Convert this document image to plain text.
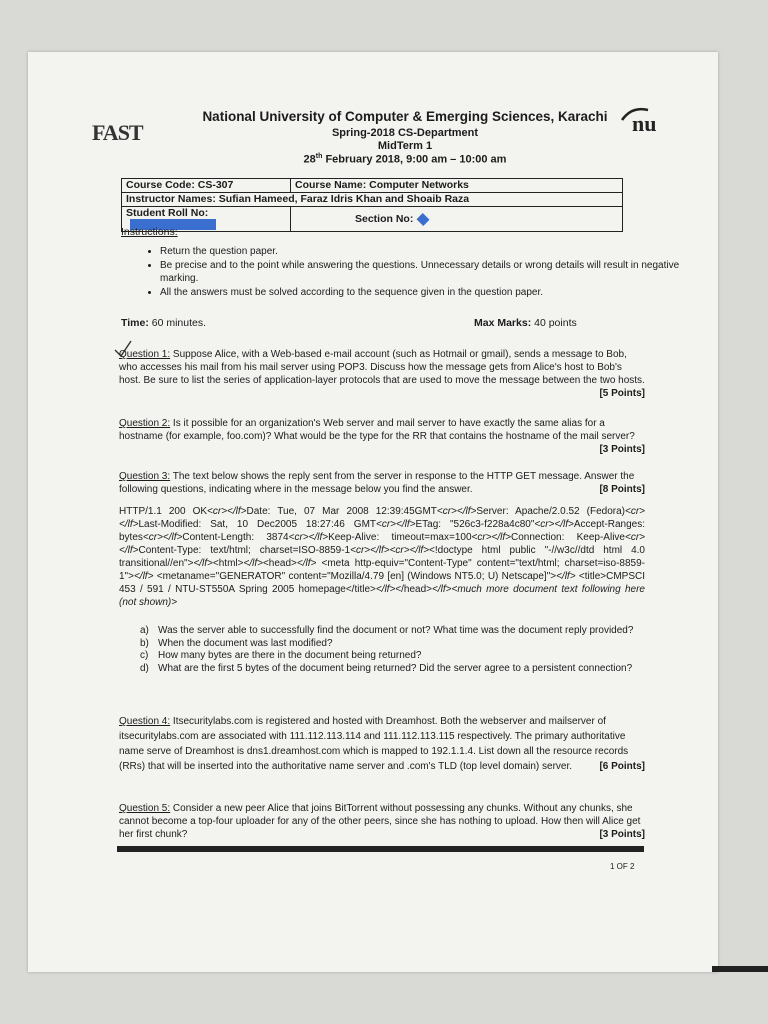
FAST	nu
National University of Computer & Emerging Sciences, Karachi
Spring-2018 CS-Department
MidTerm 1
28th February 2018, 9:00 am – 10:00 am
Course Code: CS-307	Course Name: Computer Networks
Instructor Names: Sufian Hameed, Faraz Idris Khan and Shoaib Raza	
Student Roll No:	Section No:
Instructions:
• Return the question paper.
• Be precise and to the point while answering the questions. Unnecessary details or wrong details will result in negative marking.
• All the answers must be solved according to the sequence given in the question paper.
Time: 60 minutes.	Max Marks: 40 points

Question 1: Suppose Alice, with a Web-based e-mail account (such as Hotmail or gmail), sends a message to Bob, who accesses his mail from his mail server using POP3. Discuss how the message gets from Alice's host to Bob's host. Be sure to list the series of application-layer protocols that are used to move the message between the two hosts.
[5 Points]

Question 2: Is it possible for an organization's Web server and mail server to have exactly the same alias for a hostname (for example, foo.com)? What would be the type for the RR that contains the hostname of the mail server?
[3 Points]

Question 3: The text below shows the reply sent from the server in response to the HTTP GET message. Answer the following questions, indicating where in the message below you find the answer.	[8 Points]

HTTP/1.1 200 OK<cr></lf>Date: Tue, 07 Mar 2008 12:39:45GMT<cr></lf>Server: Apache/2.0.52 (Fedora)<cr></lf>Last-Modified: Sat, 10 Dec2005 18:27:46 GMT<cr></lf>ETag: "526c3-f228a4c80"<cr></lf>Accept-Ranges: bytes<cr></lf>Content-Length: 3874<cr></lf>Keep-Alive: timeout=max=100<cr></lf>Connection: Keep-Alive<cr></lf>Content-Type: text/html; charset=ISO-8859-1<cr></lf><cr></lf><!doctype html public "-//w3c//dtd html 4.0 transitional//en"></lf><html></lf><head></lf> <meta http-equiv="Content-Type" content="text/html; charset=iso-8859-1"></lf> <metaname="GENERATOR" content="Mozilla/4.79 [en] (Windows NT5.0; U) Netscape]"></lf> <title>CMPSCI 453 / 591 / NTU-ST550A Spring 2005 homepage</title></lf></head></lf><much more document text following here (not shown)>

a) Was the server able to successfully find the document or not? What time was the document reply provided?
b) When the document was last modified?
c) How many bytes are there in the document being returned?
d) What are the first 5 bytes of the document being returned? Did the server agree to a persistent connection?

Question 4: Itsecuritylabs.com is registered and hosted with Dreamhost. Both the webserver and mailserver of itsecuritylabs.com are associated with 111.112.113.114 and 111.112.113.115 respectively. The primary authoritative name serve of Dreamhost is dns1.dreamhost.com which is mapped to 192.1.1.4. List down all the resource records (RRs) that will be inserted into the authoritative name server and .com's TLD (top level domain) server.	[6 Points]

Question 5: Consider a new peer Alice that joins BitTorrent without possessing any chunks. Without any chunks, she cannot become a top-four uploader for any of the other peers, since she has nothing to upload. How then will Alice get her first chunk?	[3 Points]

1 OF 2
